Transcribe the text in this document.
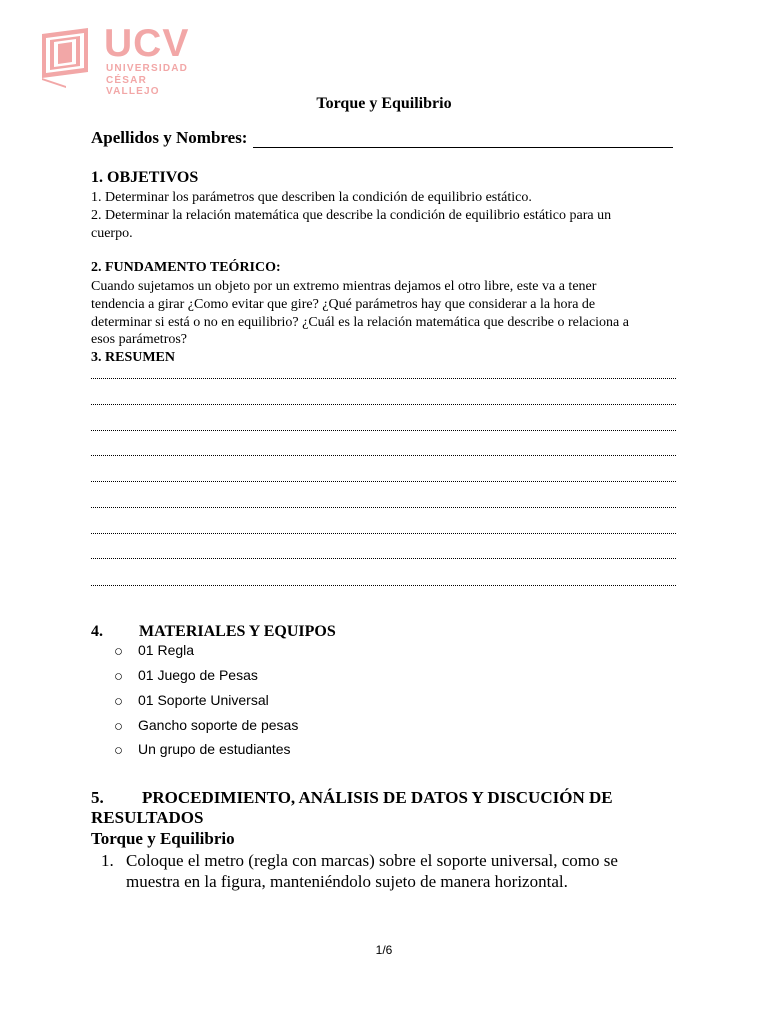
UCV
UNIVERSIDAD
CÉSAR VALLEJO
Torque y Equilibrio
Apellidos y Nombres:
1. OBJETIVOS
1. Determinar los parámetros que describen la condición de equilibrio estático.
2. Determinar la relación matemática que describe la condición de equilibrio estático para un
cuerpo.
2. FUNDAMENTO TEÓRICO:
Cuando sujetamos un objeto por un extremo mientras dejamos el otro libre, este va a tener
tendencia a girar ¿Como evitar que gire? ¿Qué parámetros hay que considerar a la hora de
determinar si está o no en equilibrio? ¿Cuál es la relación matemática que describe o relaciona a
esos parámetros?
3. RESUMEN
4.         MATERIALES Y EQUIPOS
01 Regla
01 Juego de Pesas
01 Soporte Universal
Gancho soporte de pesas
Un grupo de estudiantes
5.         PROCEDIMIENTO, ANÁLISIS DE DATOS Y DISCUCIÓN DE
RESULTADOS
Torque y Equilibrio
1. Coloque el metro (regla con marcas) sobre el soporte universal, como se
muestra en la figura, manteniéndolo sujeto de manera horizontal.
1/6
